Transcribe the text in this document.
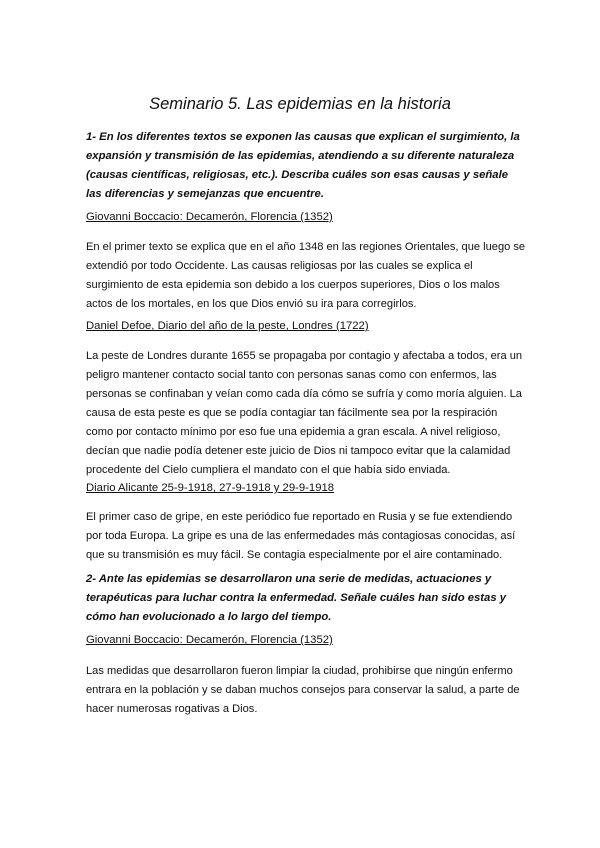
Seminario 5. Las epidemias en la historia

1- En los diferentes textos se exponen las causas que explican el surgimiento, la expansión y transmisión de las epidemias, atendiendo a su diferente naturaleza (causas científicas, religiosas, etc.). Describa cuáles son esas causas y señale las diferencias y semejanzas que encuentre.

Giovanni Boccacio: Decamerón, Florencia (1352)

En el primer texto se explica que en el año 1348 en las regiones Orientales, que luego se extendió por todo Occidente. Las causas religiosas por las cuales se explica el surgimiento de esta epidemia son debido a los cuerpos superiores, Dios o los malos actos de los mortales, en los que Dios envió su ira para corregirlos.

Daniel Defoe, Diario del año de la peste, Londres (1722)

La peste de Londres durante 1655 se propagaba por contagio y afectaba a todos, era un peligro mantener contacto social tanto con personas sanas como con enfermos, las personas se confinaban y veían como cada día cómo se sufría y como moría alguien. La causa de esta peste es que se podía contagiar tan fácilmente sea por la respiración como por contacto mínimo por eso fue una epidemia a gran escala. A nivel religioso, decían que nadie podía detener este juicio de Dios ni tampoco evitar que la calamidad procedente del Cielo cumpliera el mandato con el que había sido enviada.

Diario Alicante 25-9-1918, 27-9-1918 y 29-9-1918

El primer caso de gripe, en este periódico fue reportado en Rusia y se fue extendiendo por toda Europa. La gripe es una de las enfermedades más contagiosas conocidas, así que su transmisión es muy fácil. Se contagia especialmente por el aire contaminado.

2- Ante las epidemias se desarrollaron una serie de medidas, actuaciones y terapéuticas para luchar contra la enfermedad. Señale cuáles han sido estas y cómo han evolucionado a lo largo del tiempo.

Giovanni Boccacio: Decamerón, Florencia (1352)

Las medidas que desarrollaron fueron limpiar la ciudad, prohibirse que ningún enfermo entrara en la población y se daban muchos consejos para conservar la salud, a parte de hacer numerosas rogativas a Dios.
